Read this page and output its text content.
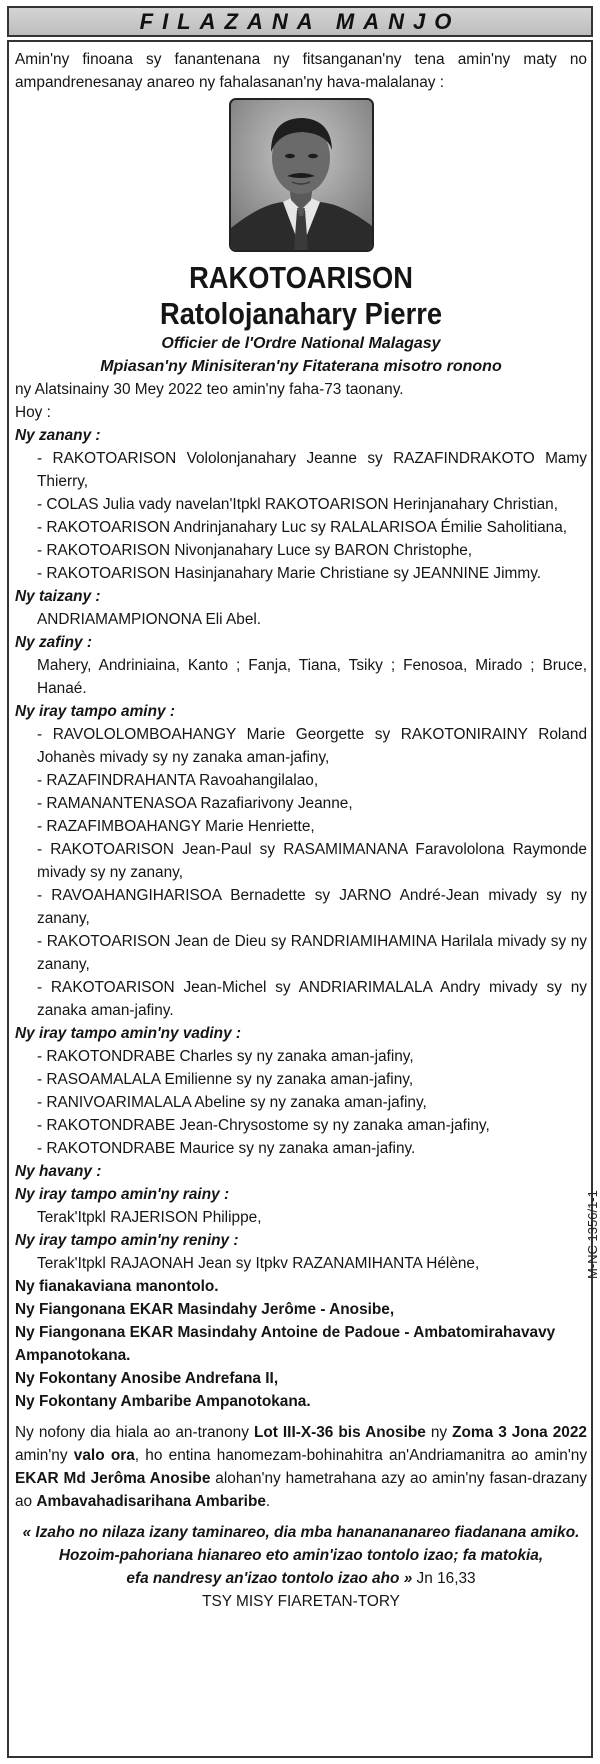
FILAZANA MANJO

Amin'ny finoana sy fanantenana ny fitsanganan'ny tena amin'ny maty no ampandrenesanay anareo ny fahalasanan'ny hava-malalanay :

RAKOTOARISON
Ratolojanahary Pierre
Officier de l'Ordre National Malagasy
Mpiasan'ny Minisiteran'ny Fitaterana misotro ronono
ny Alatsinainy 30 Mey 2022 teo amin'ny faha-73 taonany.
Hoy :
Ny zanany :
- RAKOTOARISON Vololonjanahary Jeanne sy RAZAFINDRAKOTO Mamy Thierry,
- COLAS Julia vady navelan'Itpkl RAKOTOARISON Herinjanahary Christian,
- RAKOTOARISON Andrinjanahary Luc sy RALALARISOA Émilie Saholitiana,
- RAKOTOARISON Nivonjanahary Luce sy BARON Christophe,
- RAKOTOARISON Hasinjanahary Marie Christiane sy JEANNINE Jimmy.
Ny taizany :
ANDRIAMAMPIONONA Eli Abel.
Ny zafiny :
Mahery, Andriniaina, Kanto ; Fanja, Tiana, Tsiky ; Fenosoa, Mirado ; Bruce, Hanaé.
Ny iray tampo aminy :
- RAVOLOLOMBOAHANGY Marie Georgette sy RAKOTONIRAINY Roland Johanès mivady sy ny zanaka aman-jafiny,
- RAZAFINDRAHANTA Ravoahangilalao,
- RAMANANTENASOA Razafiarivony Jeanne,
- RAZAFIMBOAHANGY Marie Henriette,
- RAKOTOARISON Jean-Paul sy RASAMIMANANA Faravololona Raymonde mivady sy ny zanany,
- RAVOAHANGIHARISOA Bernadette sy JARNO André-Jean mivady sy ny zanany,
- RAKOTOARISON Jean de Dieu sy RANDRIAMIHAMINA Harilala mivady sy ny zanany,
- RAKOTOARISON Jean-Michel sy ANDRIARIMALALA Andry mivady sy ny zanaka aman-jafiny.
Ny iray tampo amin'ny vadiny :
- RAKOTONDRABE Charles sy ny zanaka aman-jafiny,
- RASOAMALALA Emilienne sy ny zanaka aman-jafiny,
- RANIVOARIMALALA Abeline sy ny zanaka aman-jafiny,
- RAKOTONDRABE Jean-Chrysostome sy ny zanaka aman-jafiny,
- RAKOTONDRABE Maurice sy ny zanaka aman-jafiny.
Ny havany :
Ny iray tampo amin'ny rainy :
Terak'Itpkl RAJERISON Philippe,
Ny iray tampo amin'ny reniny :
Terak'Itpkl RAJAONAH Jean sy Itpkv RAZANAMIHANTA Hélène,
Ny fianakaviana manontolo.
Ny Fiangonana EKAR Masindahy Jerôme - Anosibe,
Ny Fiangonana EKAR Masindahy Antoine de Padoue - Ambatomirahavavy Ampanotokana.
Ny Fokontany Anosibe Andrefana II,
Ny Fokontany Ambaribe Ampanotokana.
Ny nofony dia hiala ao an-tranony Lot III-X-36 bis Anosibe ny Zoma 3 Jona 2022 amin'ny valo ora, ho entina hanomezam-bohinahitra an'Andriamanitra ao amin'ny EKAR Md Jerôma Anosibe alohan'ny hametrahana azy ao amin'ny fasan-drazany ao Ambavahadisarihana Ambaribe.
« Izaho no nilaza izany taminareo, dia mba hananananareo fiadanana amiko.
Hozoim-pahoriana hianareo eto amin'izao tontolo izao; fa matokia,
efa nandresy an'izao tontolo izao aho » Jn 16,33
TSY MISY FIARETAN-TORY
M-NC 1356/1-1
